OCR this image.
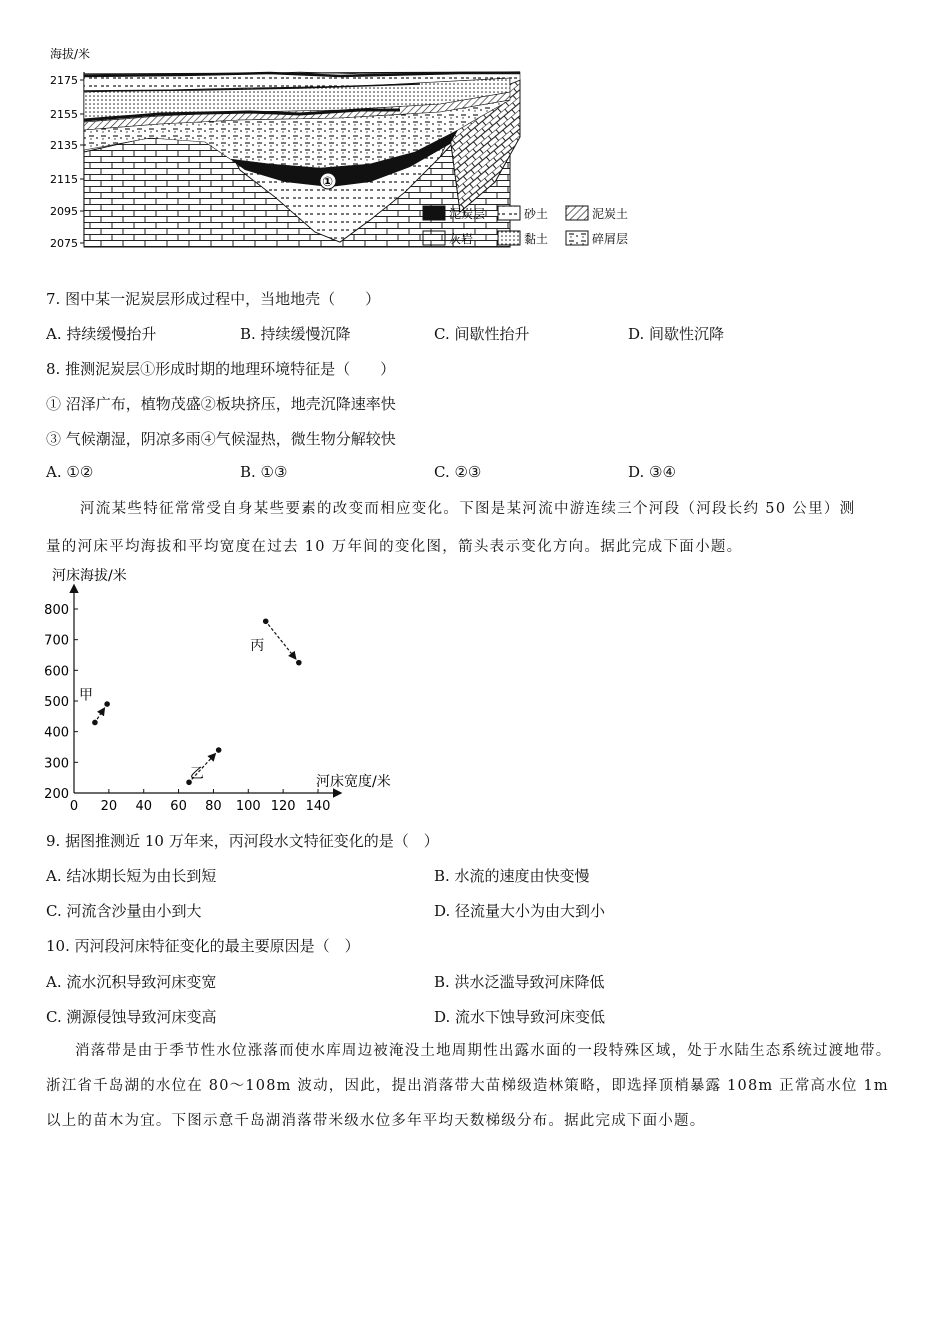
海拔/米
2175
2155
2135
2115
2095
2075
①
泥炭层	砂土	泥炭土
灰岩	黏土	碎屑层
7. 图中某一泥炭层形成过程中，当地地壳（　　）
A. 持续缓慢抬升	B. 持续缓慢沉降	C. 间歇性抬升	D. 间歇性沉降
8. 推测泥炭层①形成时期的地理环境特征是（　　）
① 沼泽广布，植物茂盛②板块挤压，地壳沉降速率快
③ 气候潮湿，阴凉多雨④气候湿热，微生物分解较快
A. ①②	B. ①③	C. ②③	D. ③④
河流某些特征常常受自身某些要素的改变而相应变化。下图是某河流中游连续三个河段（河段长约 50 公里）测
量的河床平均海拔和平均宽度在过去 10 万年间的变化图，箭头表示变化方向。据此完成下面小题。
河床海拔/米
河床宽度/米
0 20 40 60 80 100 120 140
200
300
400
500
600
700
800
甲
乙
丙
9. 据图推测近 10 万年来，丙河段水文特征变化的是（　）
A. 结冰期长短为由长到短	B. 水流的速度由快变慢
C. 河流含沙量由小到大	D. 径流量大小为由大到小
10. 丙河段河床特征变化的最主要原因是（　）
A. 流水沉积导致河床变宽	B. 洪水泛滥导致河床降低
C. 溯源侵蚀导致河床变高	D. 流水下蚀导致河床变低
消落带是由于季节性水位涨落而使水库周边被淹没土地周期性出露水面的一段特殊区域，处于水陆生态系统过渡地带。浙江省千岛湖的水位在 80～108m 波动，因此，提出消落带大苗梯级造林策略，即选择顶梢暴露 108m 正常高水位 1m 以上的苗木为宜。下图示意千岛湖消落带米级水位多年平均天数梯级分布。据此完成下面小题。
